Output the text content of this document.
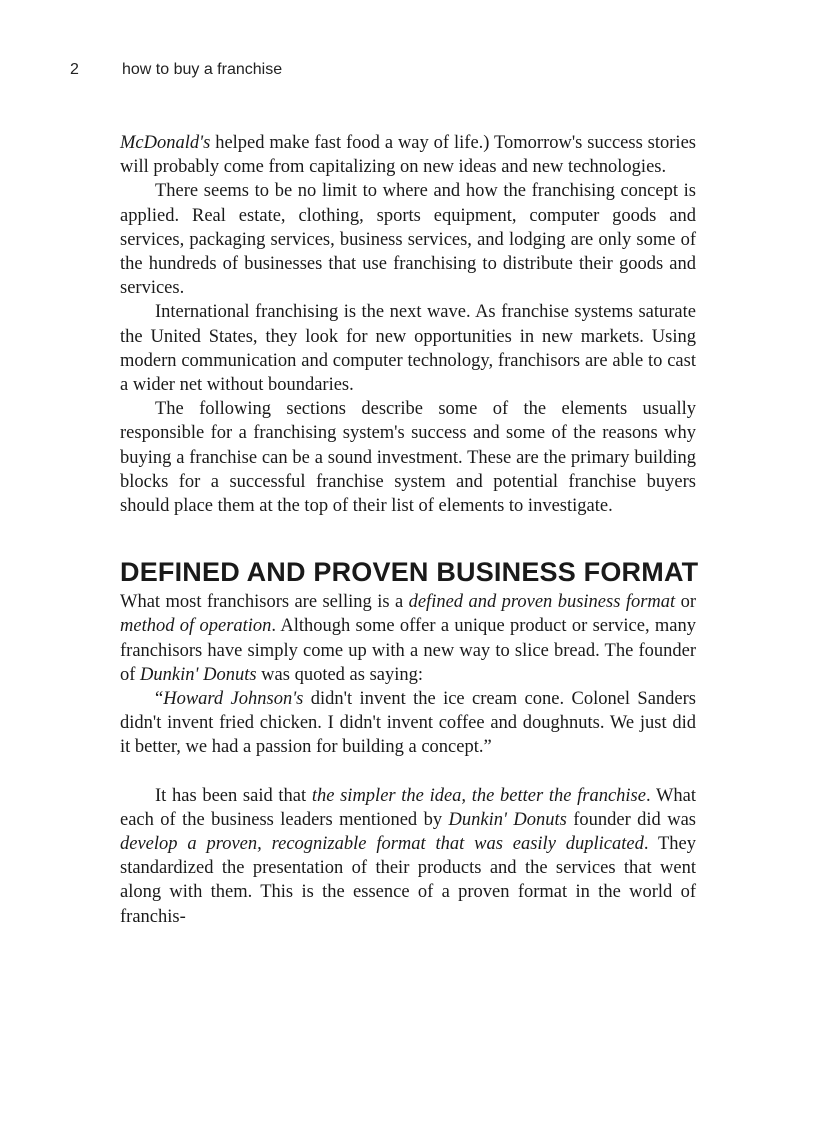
2	how to buy a franchise

McDonald's helped make fast food a way of life.) Tomorrow's success stories will probably come from capitalizing on new ideas and new technologies.

There seems to be no limit to where and how the franchising concept is applied. Real estate, clothing, sports equipment, computer goods and services, packaging services, business services, and lodging are only some of the hundreds of businesses that use franchising to distribute their goods and services.

International franchising is the next wave. As franchise systems saturate the United States, they look for new opportunities in new markets. Using modern communication and computer technology, franchisors are able to cast a wider net without boundaries.

The following sections describe some of the elements usually responsible for a franchising system's success and some of the reasons why buying a franchise can be a sound investment. These are the primary building blocks for a successful franchise system and potential franchise buyers should place them at the top of their list of elements to investigate.

DEFINED AND PROVEN BUSINESS FORMAT

What most franchisors are selling is a defined and proven business format or method of operation. Although some offer a unique product or service, many franchisors have simply come up with a new way to slice bread. The founder of Dunkin' Donuts was quoted as saying:

“Howard Johnson's didn't invent the ice cream cone. Colonel Sanders didn't invent fried chicken. I didn't invent coffee and doughnuts. We just did it better, we had a passion for building a concept.”

It has been said that the simpler the idea, the better the franchise. What each of the business leaders mentioned by Dunkin' Donuts founder did was develop a proven, recognizable format that was easily duplicated. They standardized the presentation of their products and the services that went along with them. This is the essence of a proven format in the world of franchis-
